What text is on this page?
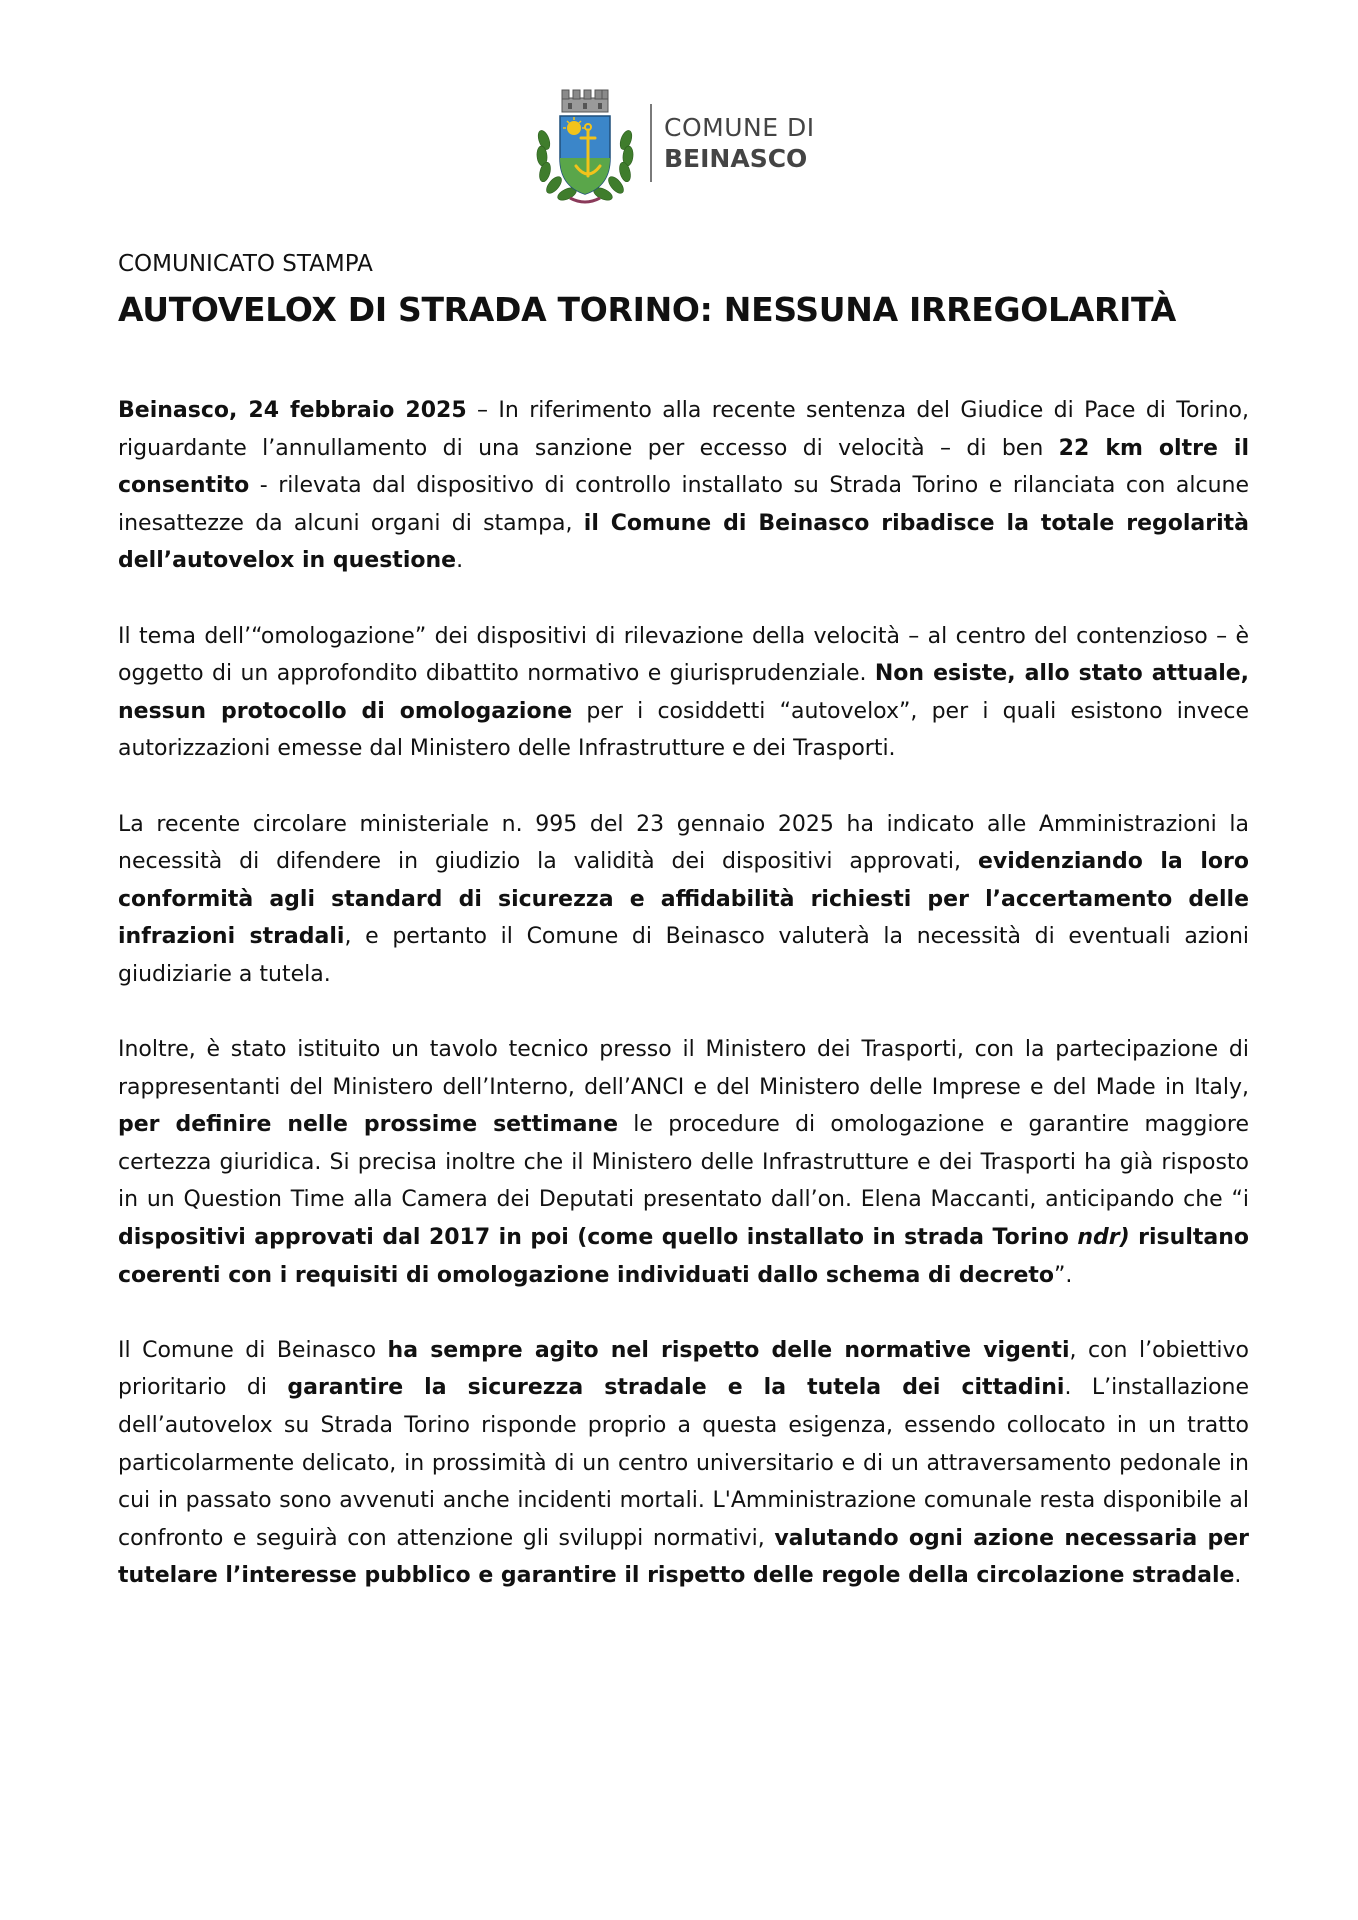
COMUNE DI
BEINASCO
COMUNICATO STAMPA
AUTOVELOX DI STRADA TORINO: NESSUNA IRREGOLARITÀ

Beinasco, 24 febbraio 2025 – In riferimento alla recente sentenza del Giudice di Pace di Torino, riguardante l’annullamento di una sanzione per eccesso di velocità – di ben 22 km oltre il consentito - rilevata dal dispositivo di controllo installato su Strada Torino e rilanciata con alcune inesattezze da alcuni organi di stampa, il Comune di Beinasco ribadisce la totale regolarità dell’autovelox in questione.

Il tema dell’“omologazione” dei dispositivi di rilevazione della velocità – al centro del contenzioso – è oggetto di un approfondito dibattito normativo e giurisprudenziale. Non esiste, allo stato attuale, nessun protocollo di omologazione per i cosiddetti “autovelox”, per i quali esistono invece autorizzazioni emesse dal Ministero delle Infrastrutture e dei Trasporti.

La recente circolare ministeriale n. 995 del 23 gennaio 2025 ha indicato alle Amministrazioni la necessità di difendere in giudizio la validità dei dispositivi approvati, evidenziando la loro conformità agli standard di sicurezza e affidabilità richiesti per l’accertamento delle infrazioni stradali, e pertanto il Comune di Beinasco valuterà la necessità di eventuali azioni giudiziarie a tutela.

Inoltre, è stato istituito un tavolo tecnico presso il Ministero dei Trasporti, con la partecipazione di rappresentanti del Ministero dell’Interno, dell’ANCI e del Ministero delle Imprese e del Made in Italy, per definire nelle prossime settimane le procedure di omologazione e garantire maggiore certezza giuridica. Si precisa inoltre che il Ministero delle Infrastrutture e dei Trasporti ha già risposto in un Question Time alla Camera dei Deputati presentato dall’on. Elena Maccanti, anticipando che “i dispositivi approvati dal 2017 in poi (come quello installato in strada Torino ndr) risultano coerenti con i requisiti di omologazione individuati dallo schema di decreto”.

Il Comune di Beinasco ha sempre agito nel rispetto delle normative vigenti, con l’obiettivo prioritario di garantire la sicurezza stradale e la tutela dei cittadini. L’installazione dell’autovelox su Strada Torino risponde proprio a questa esigenza, essendo collocato in un tratto particolarmente delicato, in prossimità di un centro universitario e di un attraversamento pedonale in cui in passato sono avvenuti anche incidenti mortali. L'Amministrazione comunale resta disponibile al confronto e seguirà con attenzione gli sviluppi normativi, valutando ogni azione necessaria per tutelare l’interesse pubblico e garantire il rispetto delle regole della circolazione stradale.
